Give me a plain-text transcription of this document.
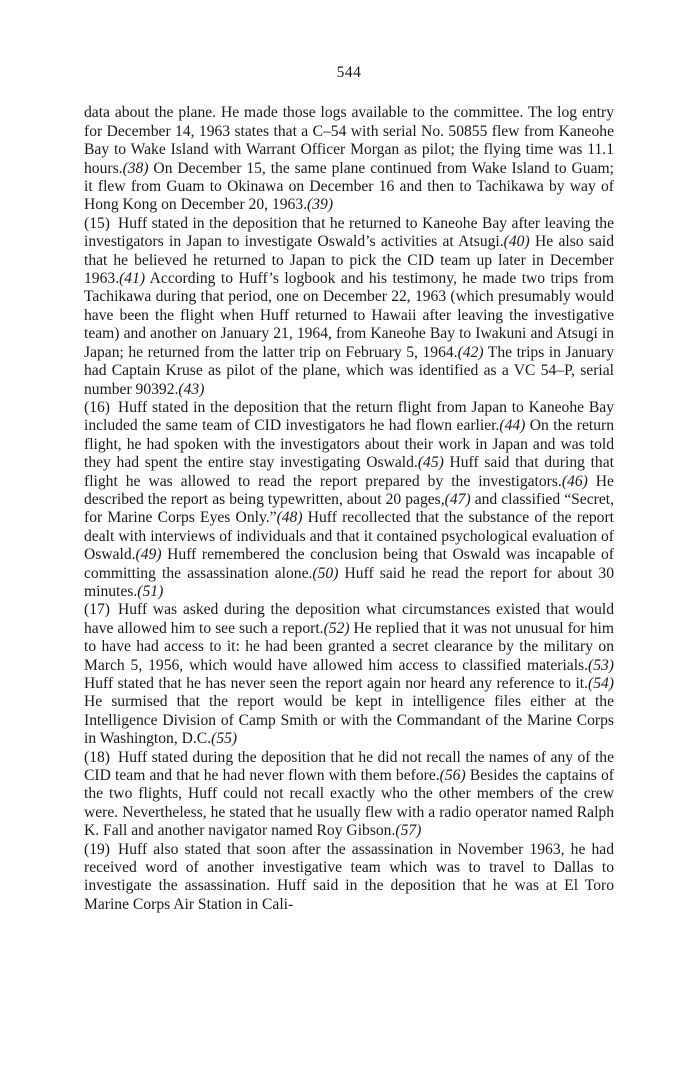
544

data about the plane. He made those logs available to the committee. The log entry for December 14, 1963 states that a C–54 with serial No. 50855 flew from Kaneohe Bay to Wake Island with Warrant Officer Morgan as pilot; the flying time was 11.1 hours.(38) On December 15, the same plane continued from Wake Island to Guam; it flew from Guam to Okinawa on December 16 and then to Tachikawa by way of Hong Kong on December 20, 1963.(39)

(15) Huff stated in the deposition that he returned to Kaneohe Bay after leaving the investigators in Japan to investigate Oswald’s activities at Atsugi.(40) He also said that he believed he returned to Japan to pick the CID team up later in December 1963.(41) According to Huff’s logbook and his testimony, he made two trips from Tachikawa during that period, one on December 22, 1963 (which presumably would have been the flight when Huff returned to Hawaii after leaving the investigative team) and another on January 21, 1964, from Kaneohe Bay to Iwakuni and Atsugi in Japan; he returned from the latter trip on February 5, 1964.(42) The trips in January had Captain Kruse as pilot of the plane, which was identified as a VC 54–P, serial number 90392.(43)

(16) Huff stated in the deposition that the return flight from Japan to Kaneohe Bay included the same team of CID investigators he had flown earlier.(44) On the return flight, he had spoken with the investigators about their work in Japan and was told they had spent the entire stay investigating Oswald.(45) Huff said that during that flight he was allowed to read the report prepared by the investigators.(46) He described the report as being typewritten, about 20 pages,(47) and classified “Secret, for Marine Corps Eyes Only.”(48) Huff recollected that the substance of the report dealt with interviews of individuals and that it contained psychological evaluation of Oswald.(49) Huff remembered the conclusion being that Oswald was incapable of committing the assassination alone.(50) Huff said he read the report for about 30 minutes.(51)

(17) Huff was asked during the deposition what circumstances existed that would have allowed him to see such a report.(52) He replied that it was not unusual for him to have had access to it: he had been granted a secret clearance by the military on March 5, 1956, which would have allowed him access to classified materials.(53) Huff stated that he has never seen the report again nor heard any reference to it.(54) He surmised that the report would be kept in intelligence files either at the Intelligence Division of Camp Smith or with the Commandant of the Marine Corps in Washington, D.C.(55)

(18) Huff stated during the deposition that he did not recall the names of any of the CID team and that he had never flown with them before.(56) Besides the captains of the two flights, Huff could not recall exactly who the other members of the crew were. Nevertheless, he stated that he usually flew with a radio operator named Ralph K. Fall and another navigator named Roy Gibson.(57)

(19) Huff also stated that soon after the assassination in November 1963, he had received word of another investigative team which was to travel to Dallas to investigate the assassination. Huff said in the deposition that he was at El Toro Marine Corps Air Station in Cali-
